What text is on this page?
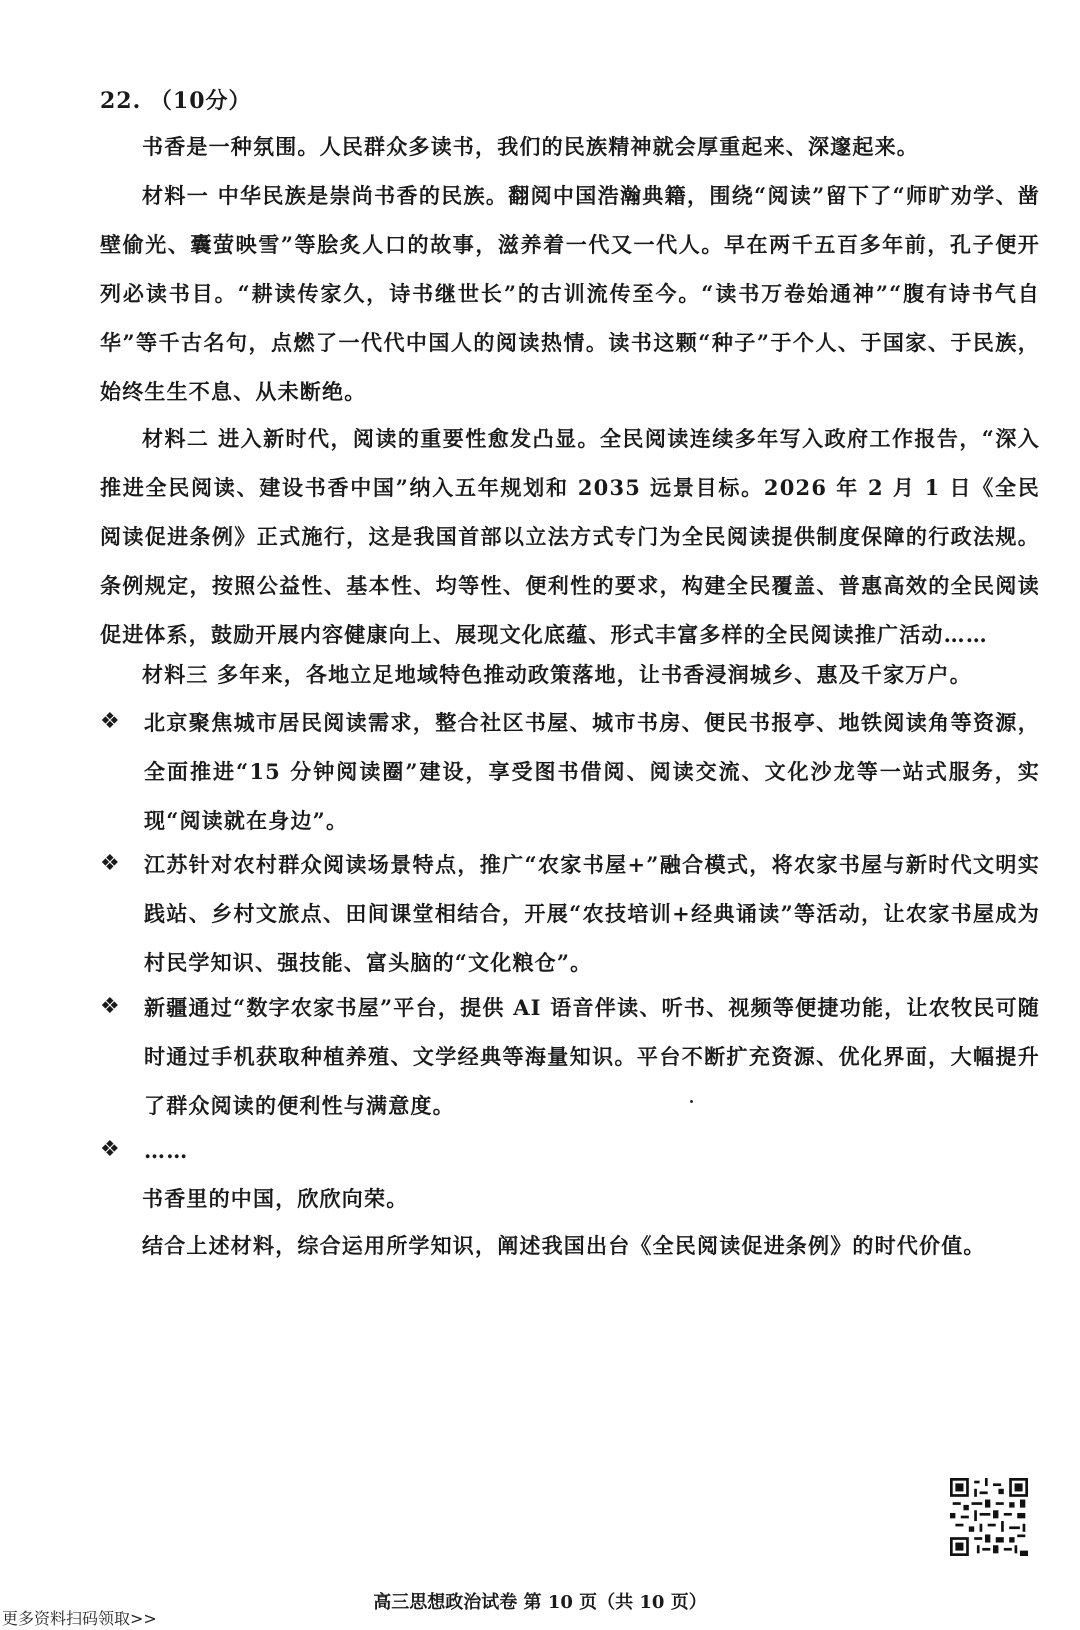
22. （10分）

书香是一种氛围。人民群众多读书，我们的民族精神就会厚重起来、深邃起来。

材料一 中华民族是崇尚书香的民族。翻阅中国浩瀚典籍，围绕“阅读”留下了“师旷劝学、凿壁偷光、囊萤映雪”等脍炙人口的故事，滋养着一代又一代人。早在两千五百多年前，孔子便开列必读书目。“耕读传家久，诗书继世长”的古训流传至今。“读书万卷始通神”“腹有诗书气自华”等千古名句，点燃了一代代中国人的阅读热情。读书这颗“种子”于个人、于国家、于民族，始终生生不息、从未断绝。

材料二 进入新时代，阅读的重要性愈发凸显。全民阅读连续多年写入政府工作报告，“深入推进全民阅读、建设书香中国”纳入五年规划和 2035 远景目标。2026 年 2 月 1 日《全民阅读促进条例》正式施行，这是我国首部以立法方式专门为全民阅读提供制度保障的行政法规。条例规定，按照公益性、基本性、均等性、便利性的要求，构建全民覆盖、普惠高效的全民阅读促进体系，鼓励开展内容健康向上、展现文化底蕴、形式丰富多样的全民阅读推广活动……

材料三 多年来，各地立足地域特色推动政策落地，让书香浸润城乡、惠及千家万户。

❖ 北京聚焦城市居民阅读需求，整合社区书屋、城市书房、便民书报亭、地铁阅读角等资源，全面推进“15 分钟阅读圈”建设，享受图书借阅、阅读交流、文化沙龙等一站式服务，实现“阅读就在身边”。
❖ 江苏针对农村群众阅读场景特点，推广“农家书屋+”融合模式，将农家书屋与新时代文明实践站、乡村文旅点、田间课堂相结合，开展“农技培训+经典诵读”等活动，让农家书屋成为村民学知识、强技能、富头脑的“文化粮仓”。
❖ 新疆通过“数字农家书屋”平台，提供 AI 语音伴读、听书、视频等便捷功能，让农牧民可随时通过手机获取种植养殖、文学经典等海量知识。平台不断扩充资源、优化界面，大幅提升了群众阅读的便利性与满意度。
❖ ……

书香里的中国，欣欣向荣。

结合上述材料，综合运用所学知识，阐述我国出台《全民阅读促进条例》的时代价值。

高三思想政治试卷 第 10 页（共 10 页）
更多资料扫码领取>>
